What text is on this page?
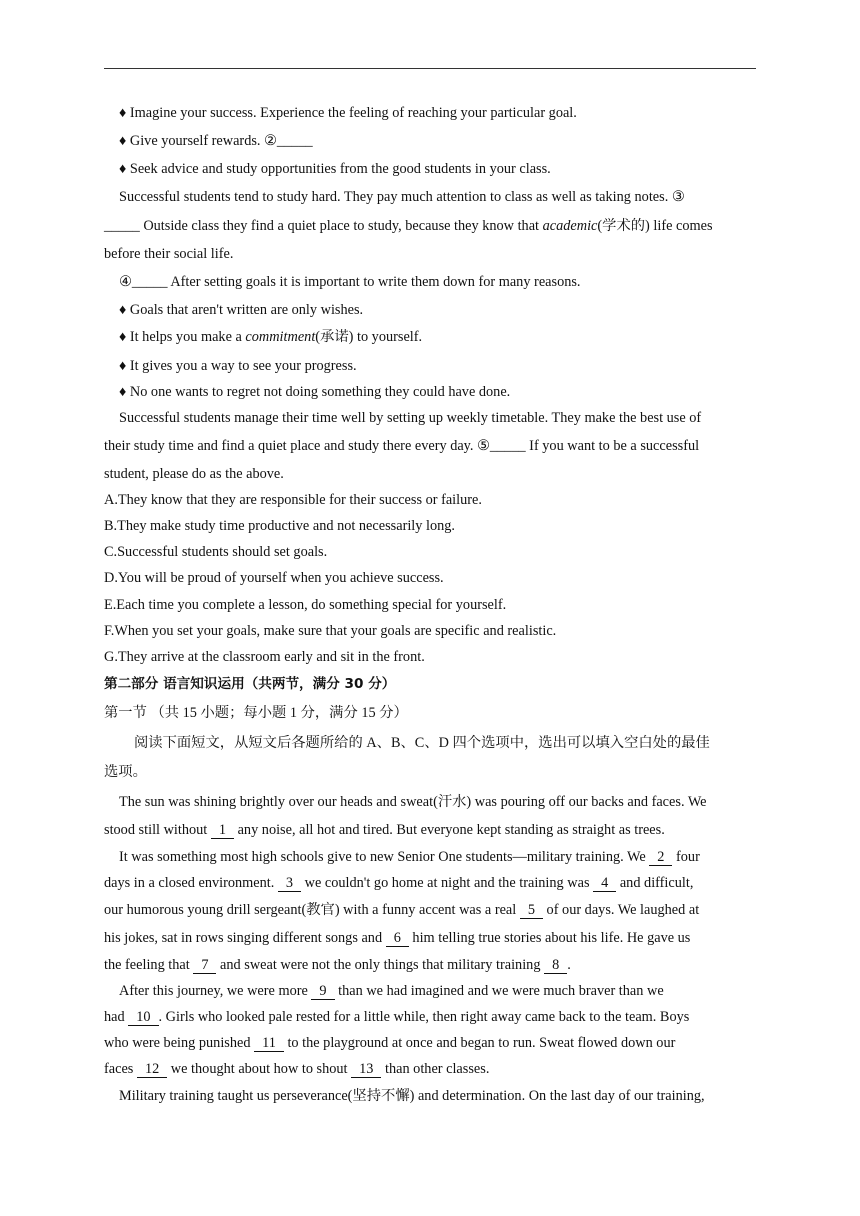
♦ Imagine your success. Experience the feeling of reaching your particular goal.
♦ Give yourself rewards. ②_____
♦ Seek advice and study opportunities from the good students in your class.
Successful students tend to study hard. They pay much attention to class as well as taking notes. ③
_____ Outside class they find a quiet place to study, because they know that academic(学术的) life comes
before their social life.
④_____ After setting goals it is important to write them down for many reasons.
♦ Goals that aren't written are only wishes.
♦ It helps you make a commitment(承诺) to yourself.
♦ It gives you a way to see your progress.
♦ No one wants to regret not doing something they could have done.
Successful students manage their time well by setting up weekly timetable. They make the best use of
their study time and find a quiet place and study there every day. ⑤_____ If you want to be a successful
student, please do as the above.
A.They know that they are responsible for their success or failure.
B.They make study time productive and not necessarily long.
C.Successful students should set goals.
D.You will be proud of yourself when you achieve success.
E.Each time you complete a lesson, do something special for yourself.
F.When you set your goals, make sure that your goals are specific and realistic.
G.They arrive at the classroom early and sit in the front.
第二部分 语言知识运用（共两节，满分 30 分）
第一节 （共 15 小题；每小题 1 分，满分 15 分）
阅读下面短文，从短文后各题所给的 A、B、C、D 四个选项中，选出可以填入空白处的最佳
选项。
The sun was shining brightly over our heads and sweat(汗水) was pouring off our backs and faces. We
stood still without 1 any noise, all hot and tired. But everyone kept standing as straight as trees.
It was something most high schools give to new Senior One students—military training. We 2 four
days in a closed environment. 3 we couldn't go home at night and the training was 4 and difficult,
our humorous young drill sergeant(教官) with a funny accent was a real 5 of our days. We laughed at
his jokes, sat in rows singing different songs and 6 him telling true stories about his life. He gave us
the feeling that 7 and sweat were not the only things that military training 8 .
After this journey, we were more 9 than we had imagined and we were much braver than we
had 10 . Girls who looked pale rested for a little while, then right away came back to the team. Boys
who were being punished 11 to the playground at once and began to run. Sweat flowed down our
faces 12 we thought about how to shout 13 than other classes.
Military training taught us perseverance(坚持不懈) and determination. On the last day of our training,
